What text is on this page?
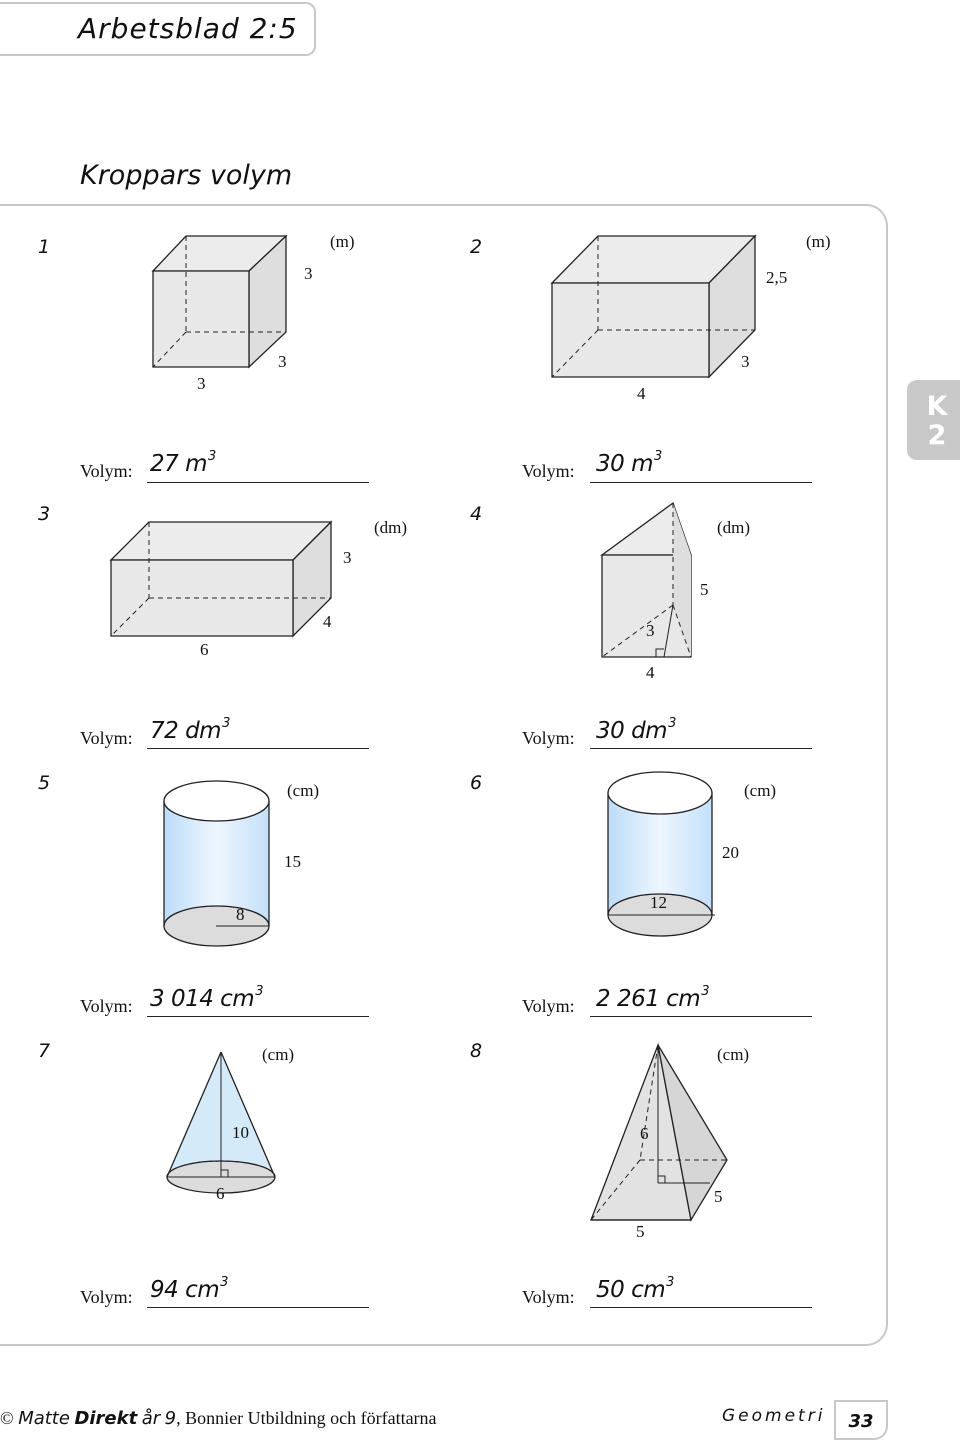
Arbetsblad 2:5
Kroppars volym
K
2
1
3
3
3
(m)
Volym: 27 $m^3$
2
2,5
3
4
(m)
Volym: 30 $m^3$
3
3
4
6
(dm)
Volym: 72 $dm^3$
4
5
3
4
(dm)
Volym: 30 $dm^3$
5
15
8
(cm)
Volym: 3 014 $cm^3$
6
20
12
(cm)
Volym: 2 261 $cm^3$
7
10
6
(cm)
Volym: 94 $cm^3$
8
6
5
5
(cm)
Volym: 50 $cm^3$
© Matte Direkt år 9, Bonnier Utbildning och författarna	Geometri	33
